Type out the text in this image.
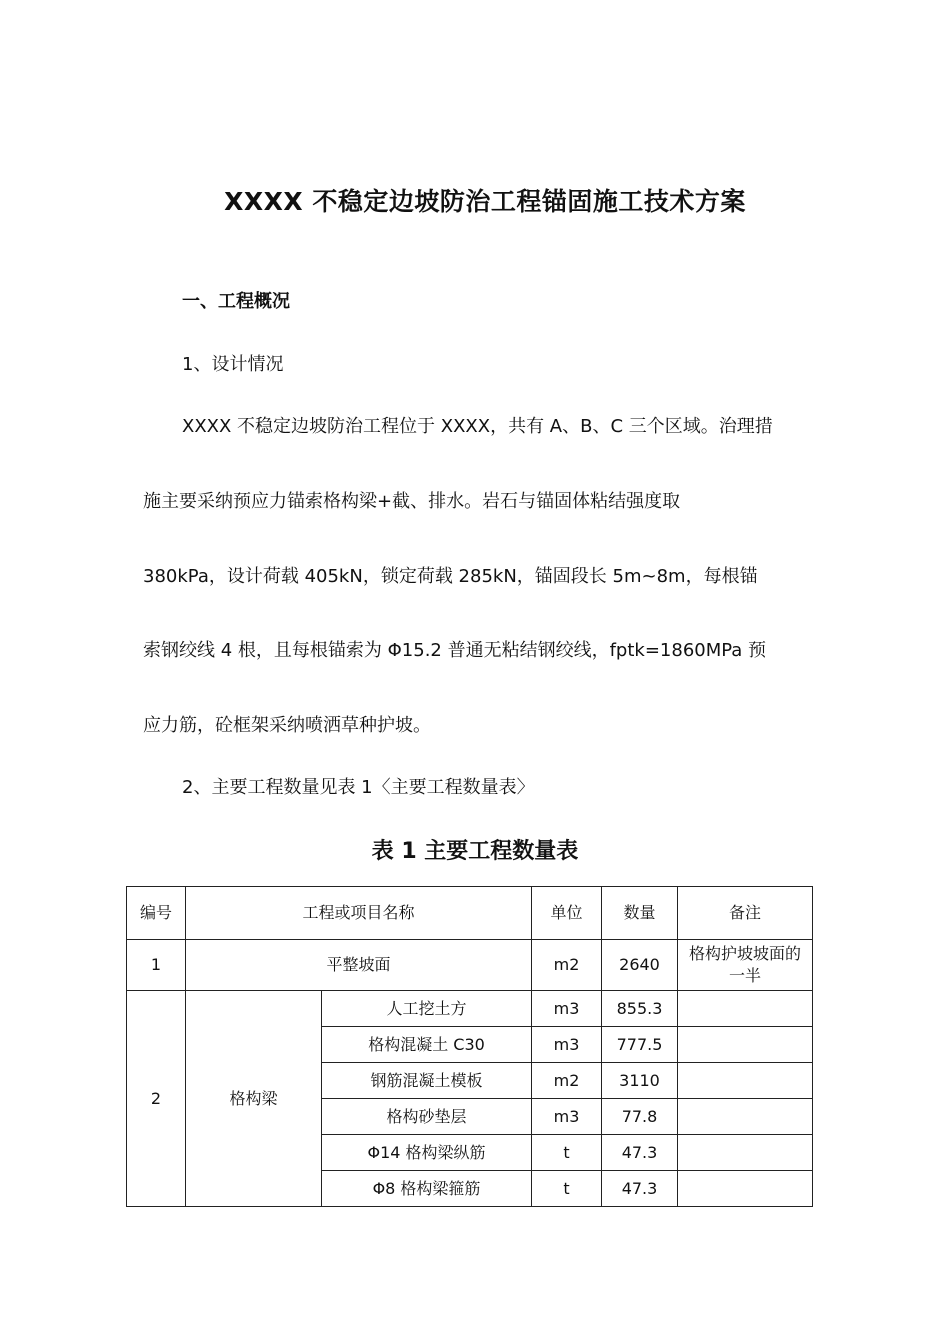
XXXX 不稳定边坡防治工程锚固施工技术方案
一、工程概况
1、设计情况
XXXX 不稳定边坡防治工程位于 XXXX，共有 A、B、C 三个区域。治理措
施主要采纳预应力锚索格构梁+截、排水。岩石与锚固体粘结强度取
380kPa，设计荷载 405kN，锁定荷载 285kN，锚固段长 5m~8m，每根锚
索钢绞线 4 根，且每根锚索为 Φ15.2 普通无粘结钢绞线，fptk=1860MPa 预
应力筋，砼框架采纳喷洒草种护坡。
2、主要工程数量见表 1〈主要工程数量表〉
表 1 主要工程数量表
编号	工程或项目名称		单位	数量	备注
1	平整坡面		m2	2640	格构护坡坡面的一半
2	格构梁	人工挖土方	m3	855.3	
		格构混凝土 C30	m3	777.5	
		钢筋混凝土模板	m2	3110	
		格构砂垫层	m3	77.8	
		Φ14 格构梁纵筋	t	47.3	
		Φ8 格构梁箍筋	t	47.3	
